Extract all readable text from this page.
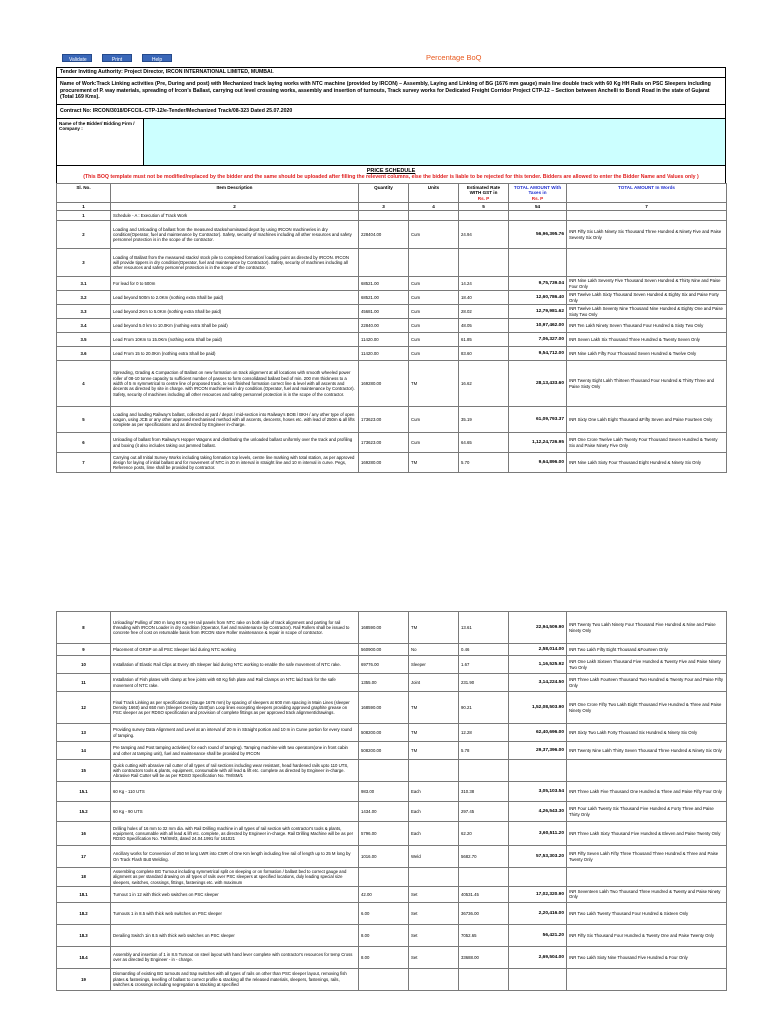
Validate	Print	Help	Percentage BoQ
Tender Inviting Authority: Project Director, IRCON INTERNATIONAL LIMITED, MUMBAI.
Name of Work:Track Linking activities (Pre, During and post) with Mechanized track laying works with NTC machine (provided by IRCON) – Assembly, Laying and Linking of BG (1676 mm gauge) main line double track with 60 Kg HH Rails on PSC Sleepers including procurement of P. way materials, spreading of Ircon's Ballast, carrying out level crossing works, assembly and insertion of turnouts, Track survey works for Dedicated Freight Corridor Project CTP-12 – Section between Anchelli to Bondi Road in the state of Gujarat (Total 169 Kms).
Contract No: IRCON/3018/DFCCIL-CTP-12/e-Tender/Mechanized Track/08-323 Dated 25.07.2020
Name of the Bidder/ Bidding Firm / Company :
PRICE SCHEDULE
(This BOQ template must not be modified/replaced by the bidder and the same should be uploaded after filling the relevent columns, else the bidder is liable to be rejected for this tender. Bidders are allowed to enter the Bidder Name and Values only )
Sl. No.	Item Description	Quantity	Units	Estimated Rate WITH GST in
Rs. P	TOTAL AMOUNT With Taxes in
Rs. P	TOTAL AMOUNT In Words
1	2	3	4	5	54	7
1	Schedule - A : Execution of Track Work					
2	Loading and Unloading of ballast from the measured stacks/nominated depot by using IRCON machineries in dry condition(Operator, fuel and maintenance by Contractor). Safety, security of machines including all other resources and safety personnel protection is in the scope of the contractor.	228404.00	Cum	24.94	56,96,395.76	INR Fifty Six Lakh Ninety Six Thousand Three Hundred & Ninety Five and Paise Seventy Six Only
3	Loading of Ballast from the measured stacks/ stock pile to completed formation/ loading point as directed by IRCON. IRCON will provide tippers in dry condition(Operator, fuel and maintenance by Contractor). Safety, security of machines including all other resources and safety personnel protection is in the scope of the contractor.					
3.1	For lead for 0 to 500m	68521.00	Cum	14.24	9,75,739.04	INR Nine Lakh Seventy Five Thousand Seven Hundred & Thirty Nine and Paise Four Only
3.2	Lead beyond 500m to 2.0Km (nothing extra Shall be paid)	68521.00	Cum	18.40	12,60,786.40	INR Twelve Lakh Sixty Thousand Seven Hundred & Eighty Six and Paise Forty Only
3.3	Lead beyond 2Km to 5.0Km (nothing extra Shall be paid)	45681.00	Cum	28.02	12,79,981.62	INR Twelve Lakh Seventy Nine Thousand Nine Hundred & Eighty One and Paise Sixty Two Only
3.4	Lead beyond 5.0 km to 10.0Km (nothing extra Shall be paid)	22840.00	Cum	48.05	10,97,462.00	INR Ten Lakh Ninety Seven Thousand Four Hundred & Sixty Two Only
3.5	Lead From 10Km to 15.0Km (nothing extra Shall be paid)	11420.00	Cum	61.85	7,06,327.00	INR Seven Lakh Six Thousand Three Hundred & Twenty Seven Only
3.6	Lead From 15 to 20.0Km (nothing extra Shall be paid)	11420.00	Cum	83.60	9,54,712.00	INR Nine Lakh Fifty Four Thousand Seven Hundred & Twelve Only
4	Spreading, Grading & Compaction of Ballast on new formation on track alignment at all locations with smooth wheeled power roller of 08-10 tonne capacity to sufficient number of passes to form consolidated ballast bed of min. 200 mm thickness to a width of 5 m symmetrical to centre line of proposed track, to suit finished formation correct line & level with all ascents and decents as directed by site in charge. with IRCON machineries in dry condition.(Operator, fuel and maintenance by Contractor). Safety, security of machines including all other resources and safety personnel protection is in the scope of the contractor.	169280.00	TM	16.62	28,13,433.60	INR Twenty Eight Lakh Thirteen Thousand Four Hundred & Thirty Three and Paise Sixty Only
5	Loading and loading Railway's ballast, collected at yard / depot / mid-section into Railway's BOB / BKH / any other type of open wagon, using JCB or any other approved mechanised method with all ascents, descents, hoses etc. with lead of 250m & all lifts complete as per specifications and as directed by Engineer in-charge.	173623.00	Cum	35.19	61,09,793.37	INR Sixty One Lakh Eight Thousand &Fifty Seven and Paise Fourteen Only
6	Unloading of ballast from Railway's Hopper Wagons and distributing the unloaded ballast uniformly over the track and profiling and boxing (it also includes taking out jammed ballast.	173623.00	Cum	64.65	1,12,24,726.95	INR One Crore Twelve Lakh Twenty Four Thousand Seven Hundred & Twenty Six and Paise Ninety Five Only
7	Carrying out all Initial Survey Works including taking formation top levels, centre line marking with total station, as per approved design for laying of initial ballast and for movement of NTC in 20 m interval in straight line and 10 m interval in curve. Pegs, Reference posts, lime shall be provided by contractor.	169280.00	TM	5.70	9,64,896.00	INR Nine Lakh Sixty Four Thousand Eight Hundred & Ninety Six Only
8	Unloading/ Pulling of 260 m long 60 Kg HH rail panels from NTC rake on both side of track alignment and parting for rail threading with IRCON Loader in dry condition (Operator, fuel and maintenance by Contractor). Rail Rollers shall be issued to concrete free of cost on returnable basis from IRCON store Roller maintenance & repair in scope of contractor.	168590.00	TM	13.61	22,94,509.90	INR Twenty Two Lakh Ninety Four Thousand Five Hundred & Nine and Paise Ninety Only
9	Placement of GRSP on all PSC Sleeper laid during NTC working	560900.00	No	0.46	2,58,014.00	INR Two Lakh Fifty Eight Thousand &Fourteen Only
10	Installation of Elastic Rail Clips at Every 4th Sleeper laid during NTC working to enable the safe movement of NTC rake.	69776.00	Sleeper	1.67	1,16,525.92	INR One Lakh Sixteen Thousand Five Hundred & Twenty Five and Paise Ninety Two Only
11	Installation of Fish plates with clamp at free joints with 60 Kg fish plate and Rail Clamps on NTC laid track for the safe movement of NTC rake.	1355.00	Joint	231.90	3,14,224.50	INR Three Lakh Fourteen Thousand Two Hundred & Twenty Four and Paise Fifty Only
12	Final Track Linking as per specifications (Gauge 1676 mm) by spacing of sleepers at 600 mm spacing in Main Lines (sleeper Density 1660) and 650 mm (Sleeper Density 1540)on Loop lines excepting sleepers providing approved graphite grease on PSC sleeper as per RDSO specification and provision of complete fittings as per approved track alignment/drawings.	168590.00	TM	90.21	1,52,08,503.90	INR One Crore Fifty Two Lakh Eight Thousand Five Hundred & Three and Paise Ninety Only
13	Providing survey Data Alignment and Level at an interval of 20 m in Straight portion and 10 m in Curve portion for every round of tamping.	508200.00	TM	12.28	62,40,696.00	INR Sixty Two Lakh Forty Thousand Six Hundred & Ninety Six Only
14	Pre tamping and Post tamping activities( for each round of tamping). Tamping machine with two operators(one in front cabin and other at tamping unit), fuel and maintenance shall be provided by IRCON	508200.00	TM	5.78	29,37,396.00	INR Twenty Nine Lakh Thirty Seven Thousand Three Hundred & Ninety Six Only
15	Quick cutting with abrasive rail cutter of all types of rail sections including wear resistant, head hardened rails upto 110 UTS, with contractors tools & plants, equipment, consumable with all lead & lift etc. complete as directed by Engineer in-charge. Abrasive Rail Cutter will be as per RDSO Specification No. TM/SM/1					
15.1	60 Kg - 110 UTS	983.00	Each	310.38	3,05,103.54	INR Three Lakh Five Thousand One Hundred & Three and Paise Fifty Four Only
15.2	60 Kg - 90 UTS	1434.00	Each	297.45	4,26,543.30	INR Four Lakh Twenty Six Thousand Five Hundred & Forty Three and Paise Thirty Only
16	Drilling holes of 16 mm to 32 mm dia. with Rail Drilling machine in all types of rail section with contractor's tools & plants, equipment, consumable with all lead & lift etc. complete, as directed by Engineer in-charge. Rail Drilling Machine will be as per RDSO Specification No. TM/SM/3, dated 24.04.1991 for 161021	5796.00	Each	62.20	3,60,511.20	INR Three Lakh Sixty Thousand Five Hundred & Eleven and Paise Twenty Only
17	Ancillary works for Conversion of 250 M long LWR into CWR of One Km length including free rail of length up to 25 M long by On Track Flash Butt Welding.	1016.00	Weld	5682.70	57,53,303.20	INR Fifty Seven Lakh Fifty Three Thousand Three Hundred & Three and Paise Twenty Only
18	Assembling complete BG Turnout including symmetrical split on sleeping or on formation / ballast bed to correct gauge and alignment as per standard drawing on all types of rails over PSC sleepers at specified locations, duly leading special size sleepers, switches, crossings, fittings, fastenings etc. with maximum					
18.1	Turnout 1 in 12 with thick web switches on PSC sleeper	42.00	Set	40531.45	17,02,320.90	INR Seventeen Lakh Two Thousand Three Hundred & Twenty and Paise Ninety Only
18.2	Turnouts 1 in 8.5 with thick web switches on PSC sleeper	6.00	Set	36736.00	2,20,416.00	INR Two Lakh Twenty Thousand Four Hundred & Sixteen Only
18.3	Derailing Switch 1in 8.5 with thick web switches on PSC sleeper	8.00	Set	7052.65	56,421.20	INR Fifty Six Thousand Four Hundred & Twenty One and Paise Twenty Only
18.4	Assembly and insertion of 1 in 8.5 Turnout on steel layout with hand lever complete with contractor's resources for temp Cross over as directed by Engineer - in - charge.	8.00	Set	33688.00	2,69,504.00	INR Two Lakh Sixty Nine Thousand Five Hundred & Four Only
19	Dismantling of existing BG turnouts and trap switches with all types of rails on other than PSC sleeper layout, removing fish plates & fastenings, levelling of ballast to correct profile & stacking all the released materials, sleepers, fastenings, rails, switches & crossings including segregation & stacking at specified					
